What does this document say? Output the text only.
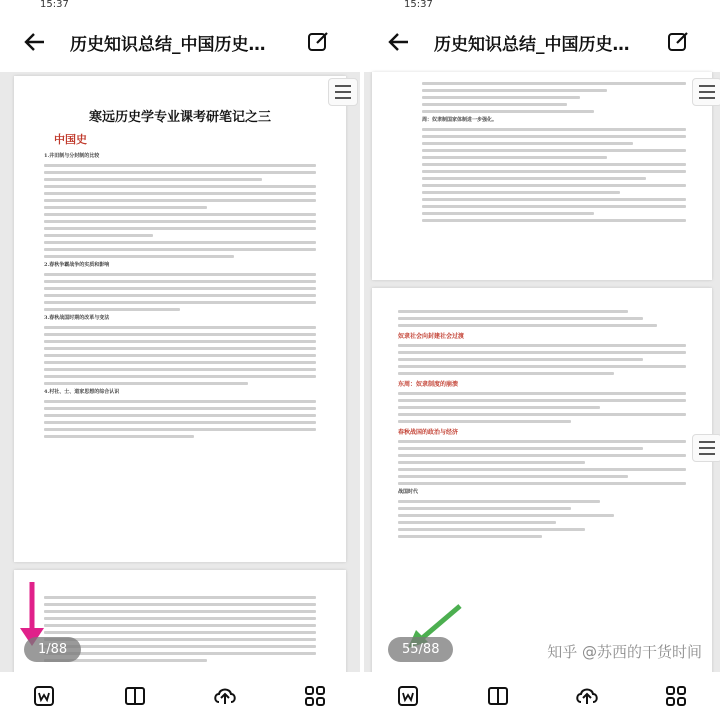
15:37
历史知识总结_中国历史…
寒远历史学专业课考研笔记之三
中国史
1.井田制与分封制的比较
2.春秋争霸战争的实质和影响
3.春秋战国时期的改革与变法
4.村社、士、道家思想的综合认识
1/88
15:37
历史知识总结_中国历史…
周：奴隶制国家体制进一步强化。
奴隶社会向封建社会过渡
东周：奴隶制度的崩溃
春秋战国的政治与经济
战国时代
55/88	知乎 @苏西的干货时间
